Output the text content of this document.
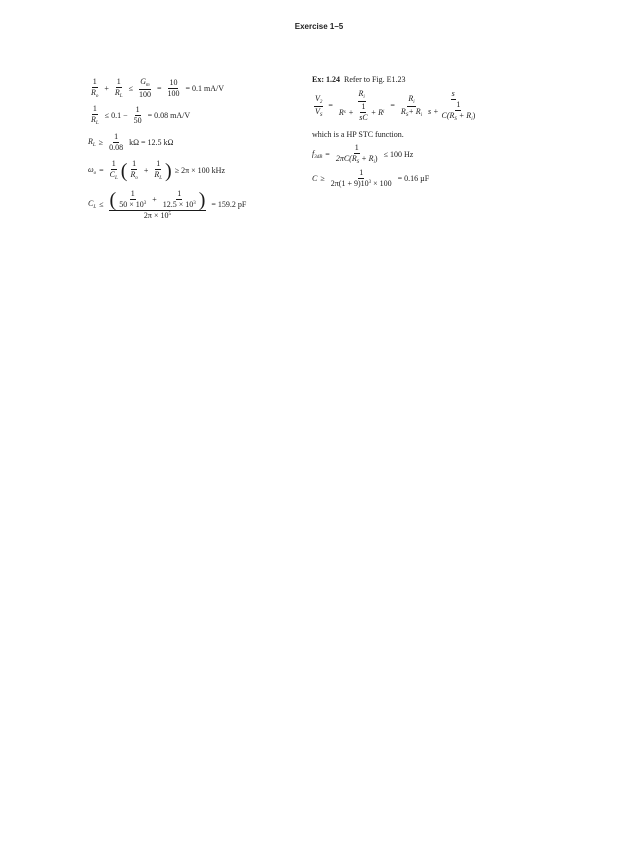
Exercise 1–5
$\frac{1}{R_o} + \frac{1}{R_L} \le \frac{G_m}{100} = \frac{10}{100} = 0.1$ mA/V
$\frac{1}{R_L} \le 0.1 - \frac{1}{50} = 0.08$ mA/V
$R_L \ge \frac{1}{0.08}$ kΩ = 12.5 kΩ
$\omega_o = \frac{1}{C_L}$ ( $\frac{1}{R_o} + \frac{1}{R_L}$ ) ≥ 2π × 100 kHz
$C_L$ ≤ ( $\frac{1}{50 \times 10^3} + \frac{1}{12.5 \times 10^3}$ )
$2\pi \times 10^5$
= 159.2 pF
Ex: 1.24 Refer to Fig. E1.23
$\frac{V_2}{V_S}$ =
$R_i$
R $s + \frac{1}{sC} + R$ i
= $\frac{R_i}{R_S+ R_i} \frac{s}{s + \frac{1}{C(R_S + R_i)}}$
which is a HP STC function.
$f_{3dB} = \frac{1}{2\pi C(R_S + R_i)} \le 100$ Hz
$C \ge \frac{1}{2\pi(1 + 9)10^3 \times 100} = 0.16$ µF
